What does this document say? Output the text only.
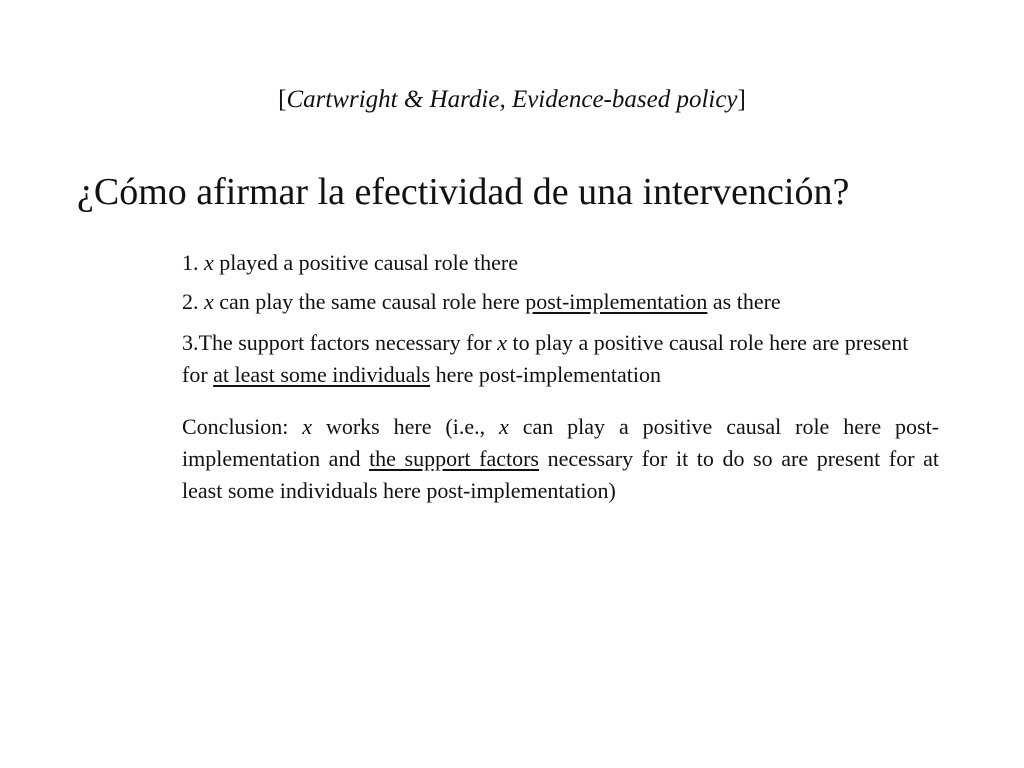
[Cartwright & Hardie, Evidence-based policy]
¿Cómo afirmar la efectividad de una intervención?
1. x played a positive causal role there
2. x can play the same causal role here post-implementation as there
3.The support factors necessary for x to play a positive causal role here are present for at least some individuals here post-implementation
Conclusion: x works here (i.e., x can play a positive causal role here post-implementation and the support factors necessary for it to do so are present for at least some individuals here post-implementation)
